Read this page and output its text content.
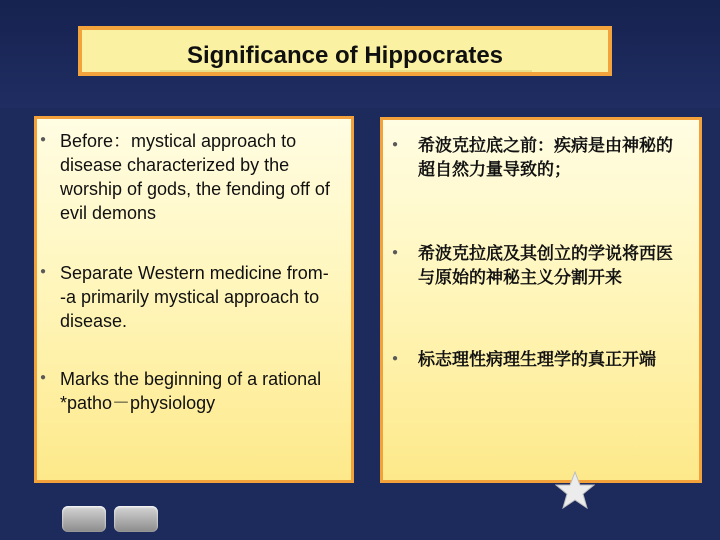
Significance of Hippocrates
● Before：mystical approach to disease characterized by the worship of gods, the fending off of evil demons
● Separate Western medicine from--a primarily mystical approach to disease.
● Marks the beginning of a rational *patho－physiology
●	希波克拉底之前：疾病是由神秘的超自然力量导致的；
●	希波克拉底及其创立的学说将西医与原始的神秘主义分割开来
●	标志理性病理生理学的真正开端
